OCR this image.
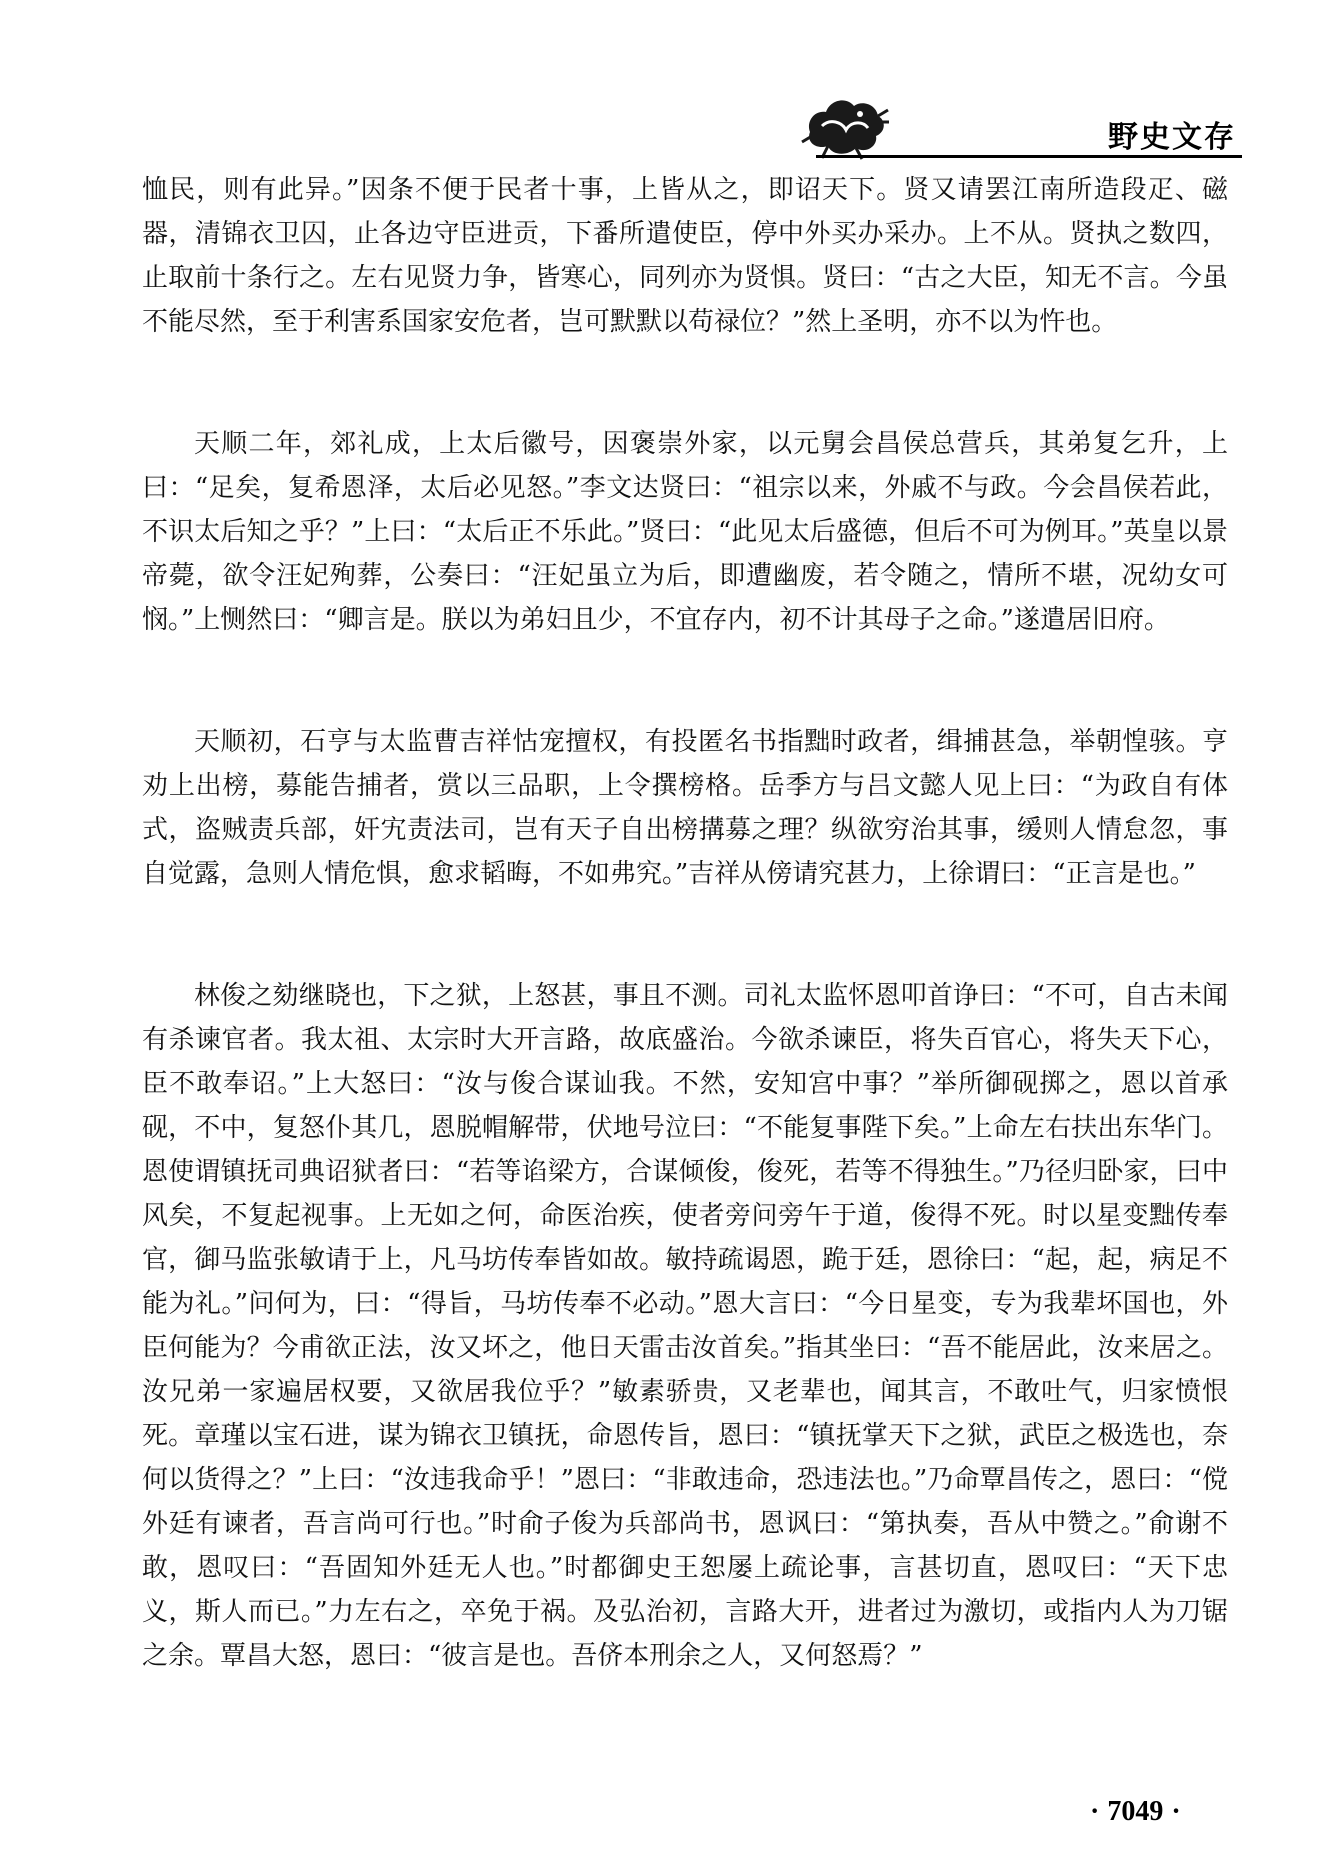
野史文存

恤民，则有此异。”因条不便于民者十事，上皆从之，即诏天下。贤又请罢江南所造段疋、磁器，清锦衣卫囚，止各边守臣进贡，下番所遣使臣，停中外买办采办。上不从。贤执之数四，止取前十条行之。左右见贤力争，皆寒心，同列亦为贤惧。贤曰：“古之大臣，知无不言。今虽不能尽然，至于利害系国家安危者，岂可默默以苟禄位？”然上圣明，亦不以为忤也。

天顺二年，郊礼成，上太后徽号，因褒崇外家，以元舅会昌侯总营兵，其弟复乞升，上曰：“足矣，复希恩泽，太后必见怒。”李文达贤曰：“祖宗以来，外戚不与政。今会昌侯若此，不识太后知之乎？”上曰：“太后正不乐此。”贤曰：“此见太后盛德，但后不可为例耳。”英皇以景帝薨，欲令汪妃殉葬，公奏曰：“汪妃虽立为后，即遭幽废，若令随之，情所不堪，况幼女可悯。”上恻然曰：“卿言是。朕以为弟妇且少，不宜存内，初不计其母子之命。”遂遣居旧府。

天顺初，石亨与太监曹吉祥怙宠擅权，有投匿名书指黜时政者，缉捕甚急，举朝惶骇。亨劝上出榜，募能告捕者，赏以三品职，上令撰榜格。岳季方与吕文懿人见上曰：“为政自有体式，盗贼责兵部，奸宄责法司，岂有天子自出榜搆募之理？纵欲穷治其事，缓则人情怠忽，事自觉露，急则人情危惧，愈求韬晦，不如弗究。”吉祥从傍请究甚力，上徐谓曰：“正言是也。”

林俊之劾继晓也，下之狱，上怒甚，事且不测。司礼太监怀恩叩首诤曰：“不可，自古未闻有杀谏官者。我太祖、太宗时大开言路，故底盛治。今欲杀谏臣，将失百官心，将失天下心，臣不敢奉诏。”上大怒曰：“汝与俊合谋讪我。不然，安知宫中事？”举所御砚掷之，恩以首承砚，不中，复怒仆其几，恩脱帽解带，伏地号泣曰：“不能复事陛下矣。”上命左右扶出东华门。恩使谓镇抚司典诏狱者曰：“若等谄梁方，合谋倾俊，俊死，若等不得独生。”乃径归卧家，曰中风矣，不复起视事。上无如之何，命医治疾，使者旁问旁午于道，俊得不死。时以星变黜传奉官，御马监张敏请于上，凡马坊传奉皆如故。敏持疏谒恩，跪于廷，恩徐曰：“起，起，病足不能为礼。”问何为，曰：“得旨，马坊传奉不必动。”恩大言曰：“今日星变，专为我辈坏国也，外臣何能为？今甫欲正法，汝又坏之，他日天雷击汝首矣。”指其坐曰：“吾不能居此，汝来居之。汝兄弟一家遍居权要，又欲居我位乎？”敏素骄贵，又老辈也，闻其言，不敢吐气，归家愤恨死。章瑾以宝石进，谋为锦衣卫镇抚，命恩传旨，恩曰：“镇抚掌天下之狱，武臣之极选也，奈何以货得之？”上曰：“汝违我命乎！”恩曰：“非敢违命，恐违法也。”乃命覃昌传之，恩曰：“傥外廷有谏者，吾言尚可行也。”时俞子俊为兵部尚书，恩讽曰：“第执奏，吾从中赞之。”俞谢不敢，恩叹曰：“吾固知外廷无人也。”时都御史王恕屡上疏论事，言甚切直，恩叹曰：“天下忠义，斯人而已。”力左右之，卒免于祸。及弘治初，言路大开，进者过为激切，或指内人为刀锯之余。覃昌大怒，恩曰：“彼言是也。吾侪本刑余之人，又何怒焉？”

· 7049 ·
